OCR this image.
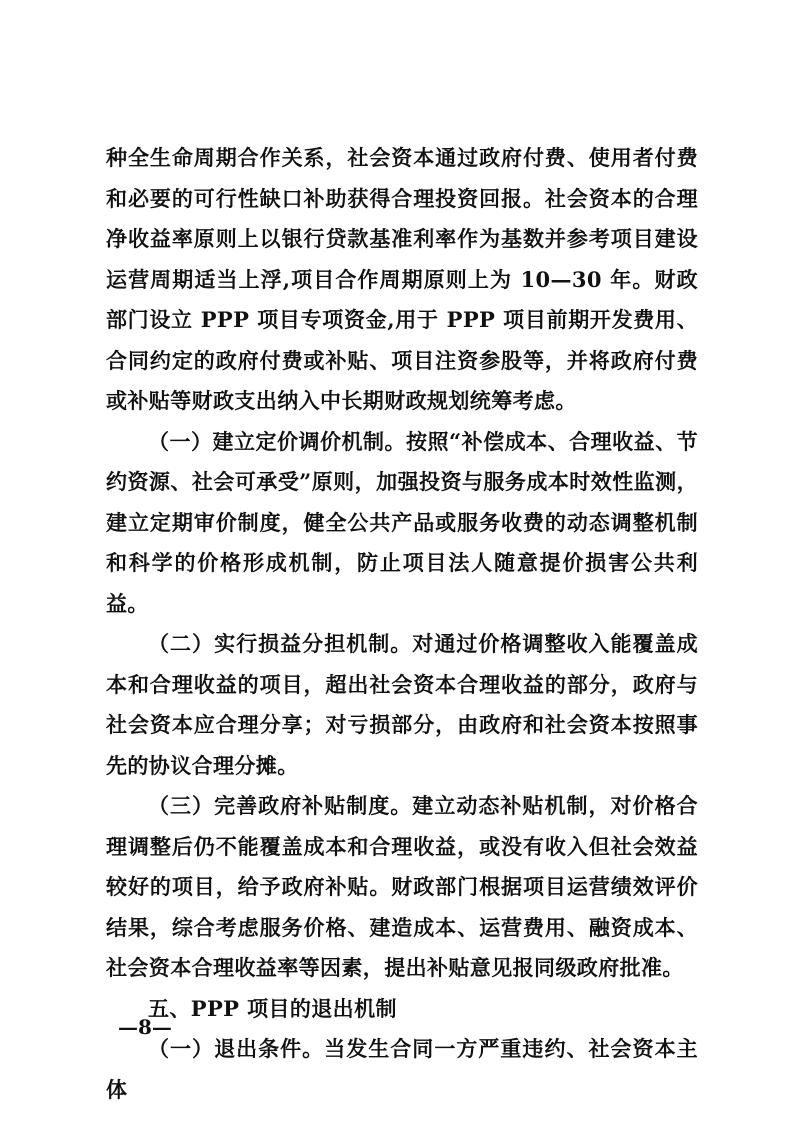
种全生命周期合作关系，社会资本通过政府付费、使用者付费和必要的可行性缺口补助获得合理投资回报。社会资本的合理净收益率原则上以银行贷款基准利率作为基数并参考项目建设运营周期适当上浮,项目合作周期原则上为 10—30 年。财政部门设立 PPP 项目专项资金,用于 PPP 项目前期开发费用、合同约定的政府付费或补贴、项目注资参股等，并将政府付费或补贴等财政支出纳入中长期财政规划统筹考虑。

（一）建立定价调价机制。按照“补偿成本、合理收益、节约资源、社会可承受”原则，加强投资与服务成本时效性监测，建立定期审价制度，健全公共产品或服务收费的动态调整机制和科学的价格形成机制，防止项目法人随意提价损害公共利益。

（二）实行损益分担机制。对通过价格调整收入能覆盖成本和合理收益的项目，超出社会资本合理收益的部分，政府与社会资本应合理分享；对亏损部分，由政府和社会资本按照事先的协议合理分摊。

（三）完善政府补贴制度。建立动态补贴机制，对价格合理调整后仍不能覆盖成本和合理收益，或没有收入但社会效益较好的项目，给予政府补贴。财政部门根据项目运营绩效评价结果，综合考虑服务价格、建造成本、运营费用、融资成本、社会资本合理收益率等因素，提出补贴意见报同级政府批准。

五、PPP 项目的退出机制

（一）退出条件。当发生合同一方严重违约、社会资本主体

—8—
